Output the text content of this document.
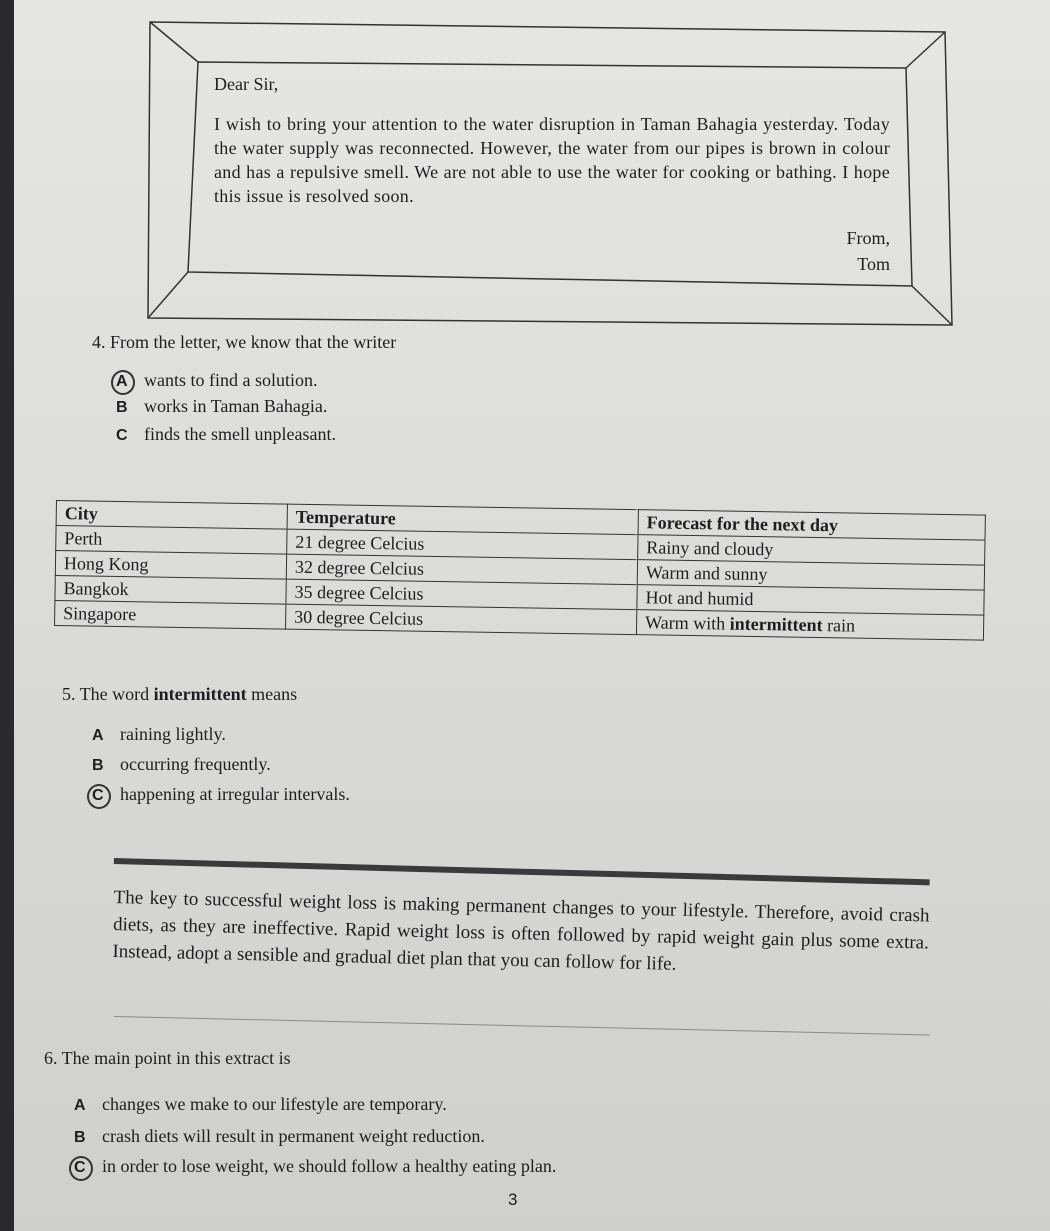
Dear Sir,
I wish to bring your attention to the water disruption in Taman Bahagia yesterday. Today the water supply was reconnected. However, the water from our pipes is brown in colour and has a repulsive smell. We are not able to use the water for cooking or bathing. I hope this issue is resolved soon.
From,
Tom
4. From the letter, we know that the writer
A wants to find a solution.
B works in Taman Bahagia.
C finds the smell unpleasant.
City	Temperature	Forecast for the next day
Perth	21 degree Celcius	Rainy and cloudy
Hong Kong	32 degree Celcius	Warm and sunny
Bangkok	35 degree Celcius	Hot and humid
Singapore	30 degree Celcius	Warm with intermittent rain
5. The word intermittent means
A raining lightly.
B occurring frequently.
C happening at irregular intervals.
The key to successful weight loss is making permanent changes to your lifestyle. Therefore, avoid crash diets, as they are ineffective. Rapid weight loss is often followed by rapid weight gain plus some extra. Instead, adopt a sensible and gradual diet plan that you can follow for life.
6. The main point in this extract is
A changes we make to our lifestyle are temporary.
B crash diets will result in permanent weight reduction.
C in order to lose weight, we should follow a healthy eating plan.
3
